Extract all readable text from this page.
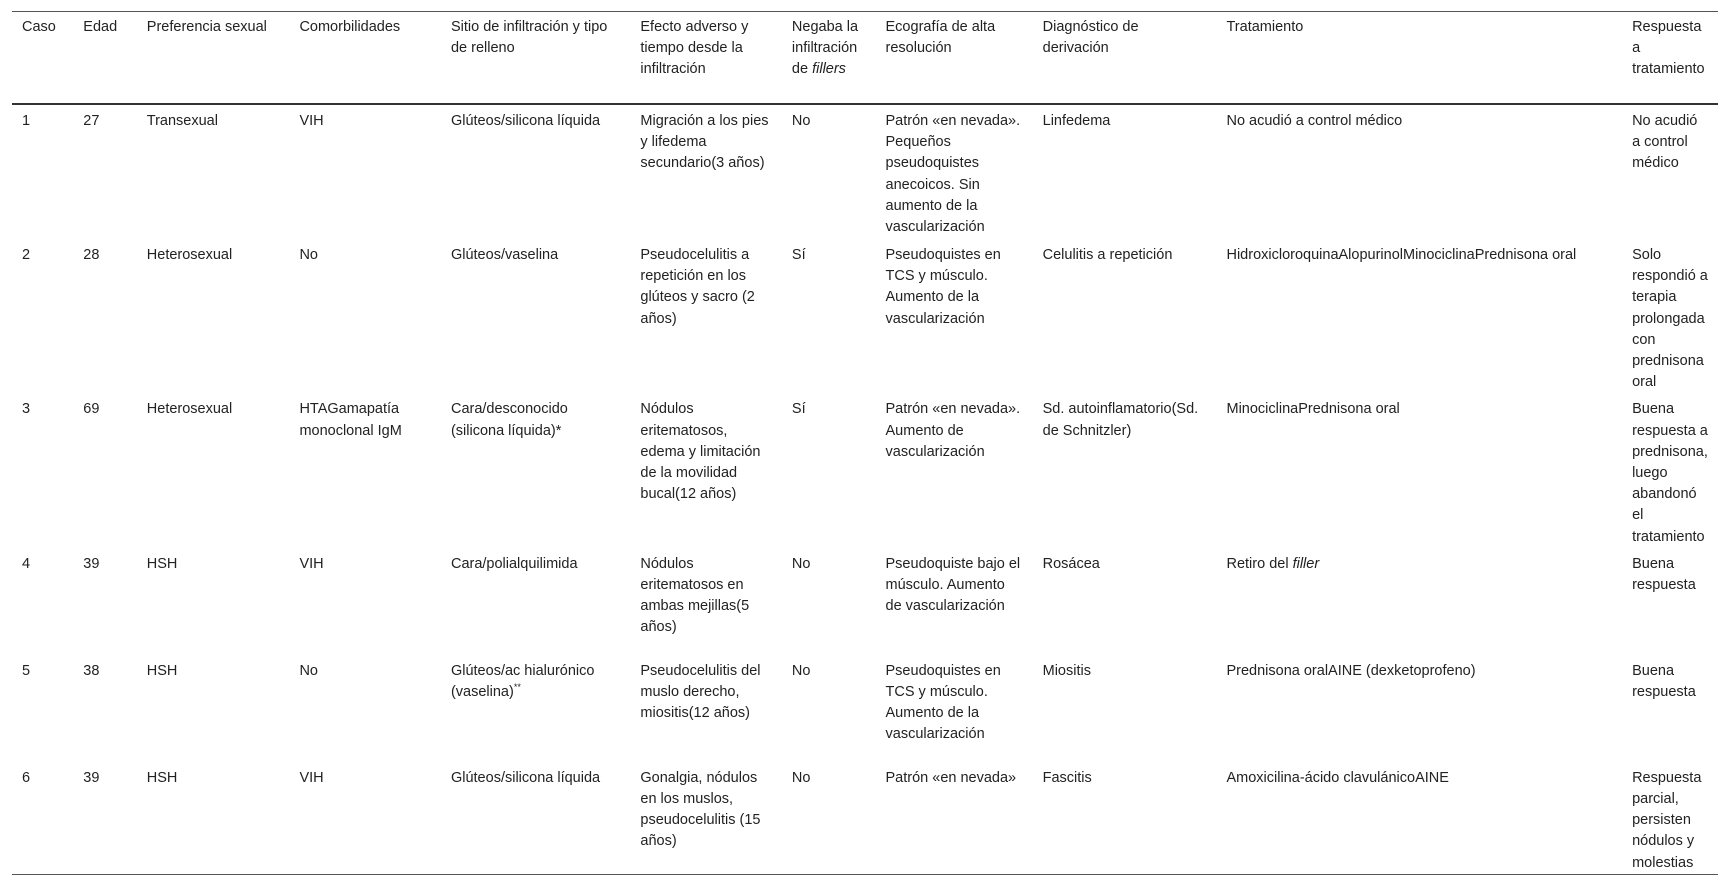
Caso	Edad	Preferencia sexual	Comorbilidades	Sitio de infiltración y tipo de relleno	Efecto adverso y tiempo desde la infiltración	Negaba la infiltración de fillers	Ecografía de alta resolución	Diagnóstico de derivación	Tratamiento	Respuesta a tratamiento
1	27	Transexual	VIH	Glúteos/silicona líquida	Migración a los pies y lifedema secundario(3 años)	No	Patrón «en nevada». Pequeños pseudoquistes anecoicos. Sin aumento de la vascularización	Linfedema	No acudió a control médico	No acudió a control médico
2	28	Heterosexual	No	Glúteos/vaselina	Pseudocelulitis a repetición en los glúteos y sacro (2 años)	Sí	Pseudoquistes en TCS y músculo. Aumento de la vascularización	Celulitis a repetición	HidroxicloroquinaAlopurinolMinociclinaPrednisona oral	Solo respondió a terapia prolongada con prednisona oral
3	69	Heterosexual	HTAGamapatía monoclonal IgM	Cara/desconocido (silicona líquida)*	Nódulos eritematosos, edema y limitación de la movilidad bucal(12 años)	Sí	Patrón «en nevada». Aumento de vascularización	Sd. autoinflamatorio(Sd. de Schnitzler)	MinociclinaPrednisona oral	Buena respuesta a prednisona, luego abandonó el tratamiento
4	39	HSH	VIH	Cara/polialquilimida	Nódulos eritematosos en ambas mejillas(5 años)	No	Pseudoquiste bajo el músculo. Aumento de vascularización	Rosácea	Retiro del filler	Buena respuesta
5	38	HSH	No	Glúteos/ac hialurónico (vaselina)**	Pseudocelulitis del muslo derecho, miositis(12 años)	No	Pseudoquistes en TCS y músculo. Aumento de la vascularización	Miositis	Prednisona oralAINE (dexketoprofeno)	Buena respuesta
6	39	HSH	VIH	Glúteos/silicona líquida	Gonalgia, nódulos en los muslos, pseudocelulitis (15 años)	No	Patrón «en nevada»	Fascitis	Amoxicilina-ácido clavulánicoAINE	Respuesta parcial, persisten nódulos y molestias
